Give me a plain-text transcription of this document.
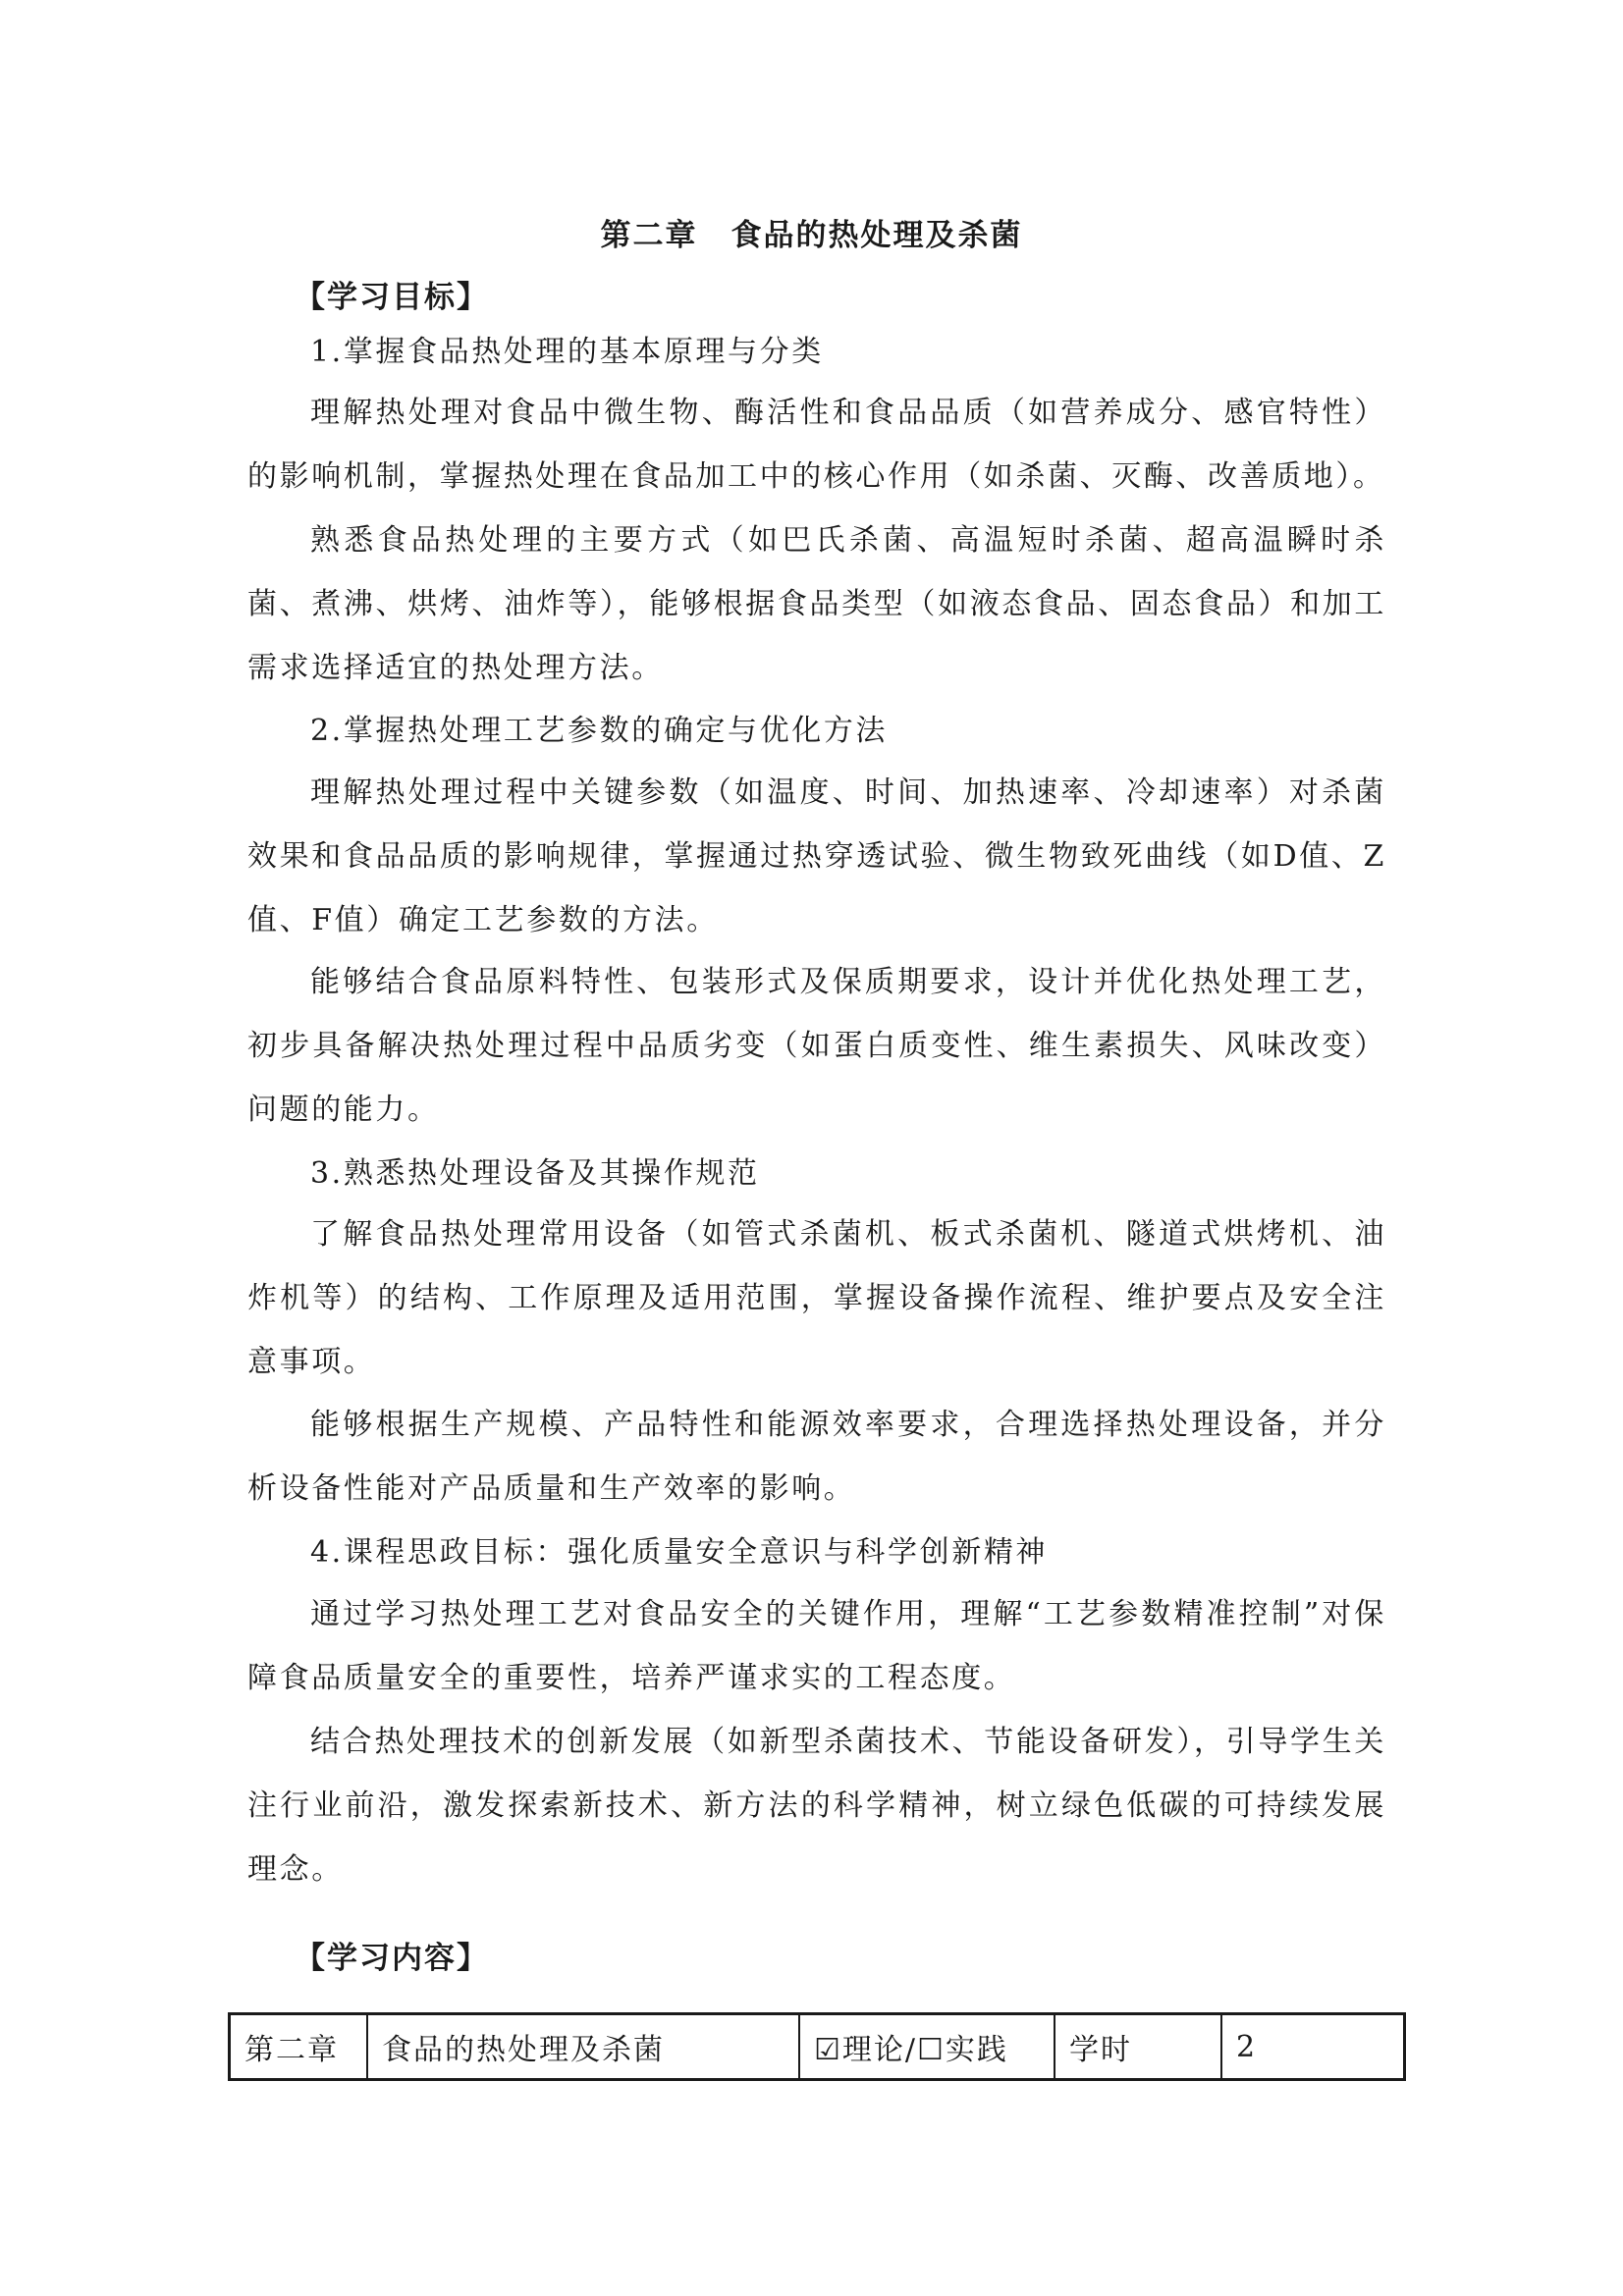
第二章 食品的热处理及杀菌
【学习目标】

1.掌握食品热处理的基本原理与分类

理解热处理对食品中微生物、酶活性和食品品质（如营养成分、感官特性）的影响机制，掌握热处理在食品加工中的核心作用（如杀菌、灭酶、改善质地）。

熟悉食品热处理的主要方式（如巴氏杀菌、高温短时杀菌、超高温瞬时杀菌、煮沸、烘烤、油炸等），能够根据食品类型（如液态食品、固态食品）和加工需求选择适宜的热处理方法。

2.掌握热处理工艺参数的确定与优化方法

理解热处理过程中关键参数（如温度、时间、加热速率、冷却速率）对杀菌效果和食品品质的影响规律，掌握通过热穿透试验、微生物致死曲线（如D值、Z值、F值）确定工艺参数的方法。

能够结合食品原料特性、包装形式及保质期要求，设计并优化热处理工艺，初步具备解决热处理过程中品质劣变（如蛋白质变性、维生素损失、风味改变）问题的能力。

3.熟悉热处理设备及其操作规范

了解食品热处理常用设备（如管式杀菌机、板式杀菌机、隧道式烘烤机、油炸机等）的结构、工作原理及适用范围，掌握设备操作流程、维护要点及安全注意事项。

能够根据生产规模、产品特性和能源效率要求，合理选择热处理设备，并分析设备性能对产品质量和生产效率的影响。

4.课程思政目标：强化质量安全意识与科学创新精神

通过学习热处理工艺对食品安全的关键作用，理解“工艺参数精准控制”对保障食品质量安全的重要性，培养严谨求实的工程态度。

结合热处理技术的创新发展（如新型杀菌技术、节能设备研发），引导学生关注行业前沿，激发探索新技术、新方法的科学精神，树立绿色低碳的可持续发展理念。

【学习内容】
第二章	食品的热处理及杀菌	☑理论/☐实践	学时	2
